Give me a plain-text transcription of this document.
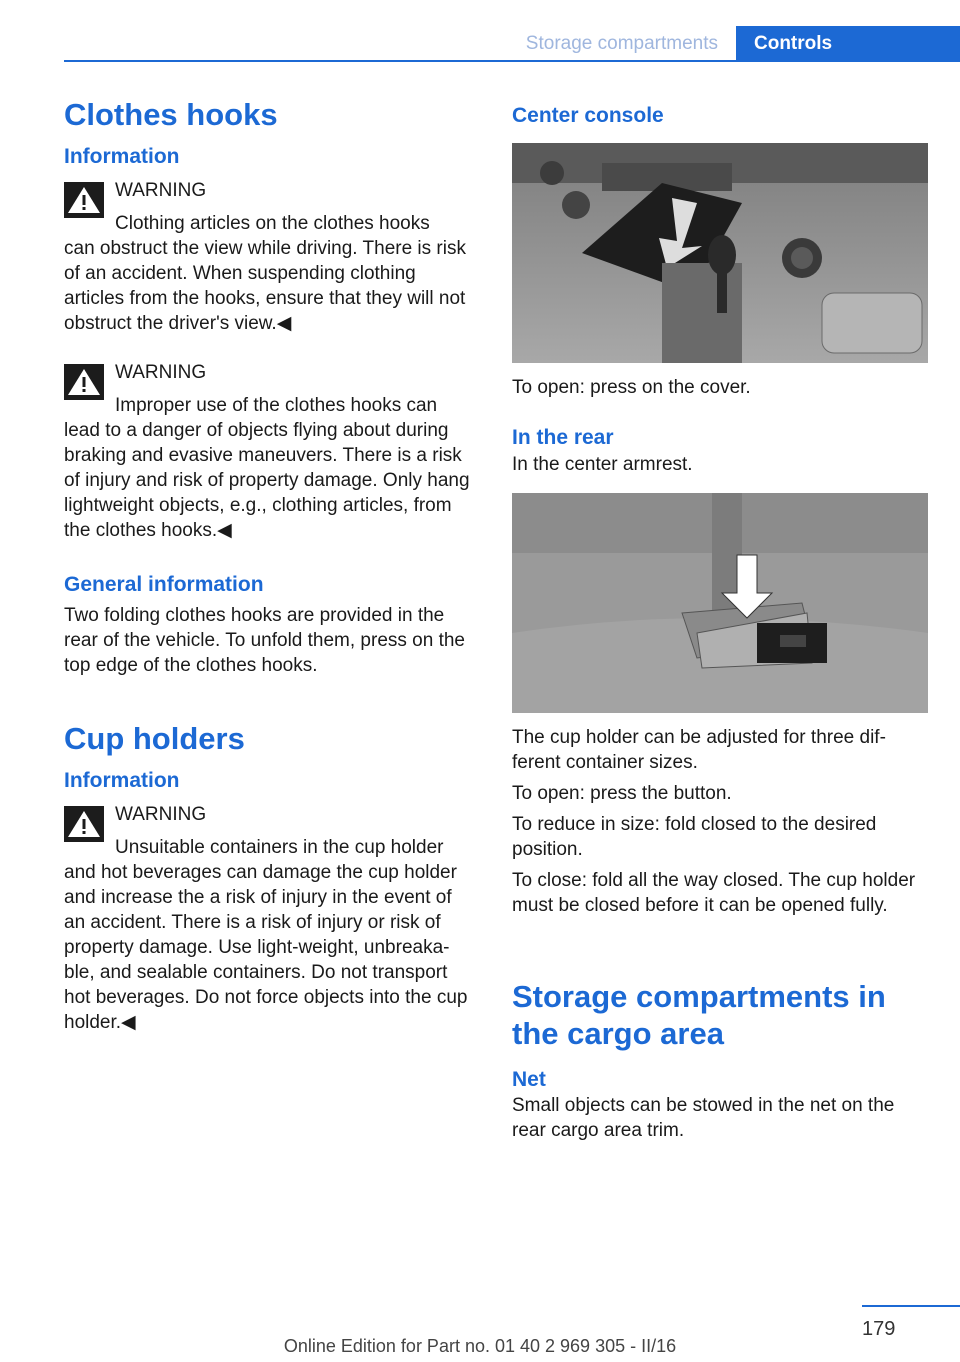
Storage compartments	Controls
Clothes hooks
Information
WARNING
Clothing articles on the clothes hooks
can obstruct the view while driving. There is risk of an accident. When suspending clothing articles from the hooks, ensure that they will not obstruct the driver's view.◀
WARNING
Improper use of the clothes hooks can
lead to a danger of objects flying about during braking and evasive maneuvers. There is a risk of injury and risk of property damage. Only hang lightweight objects, e.g., clothing articles, from the clothes hooks.◀
General information

Two folding clothes hooks are provided in the rear of the vehicle. To unfold them, press on the top edge of the clothes hooks.

Cup holders
Information
WARNING
Unsuitable containers in the cup holder
and hot beverages can damage the cup holder and increase the a risk of injury in the event of an accident. There is a risk of injury or risk of property damage. Use light-weight, unbreaka-ble, and sealable containers. Do not transport hot beverages. Do not force objects into the cup holder.◀
Center console

To open: press on the cover.

In the rear

In the center armrest.

The cup holder can be adjusted for three dif-ferent container sizes.

To open: press the button.

To reduce in size: fold closed to the desired position.

To close: fold all the way closed. The cup holder must be closed before it can be opened fully.

Storage compartments in the cargo area
Net

Small objects can be stowed in the net on the rear cargo area trim.

179
Online Edition for Part no. 01 40 2 969 305 - II/16
